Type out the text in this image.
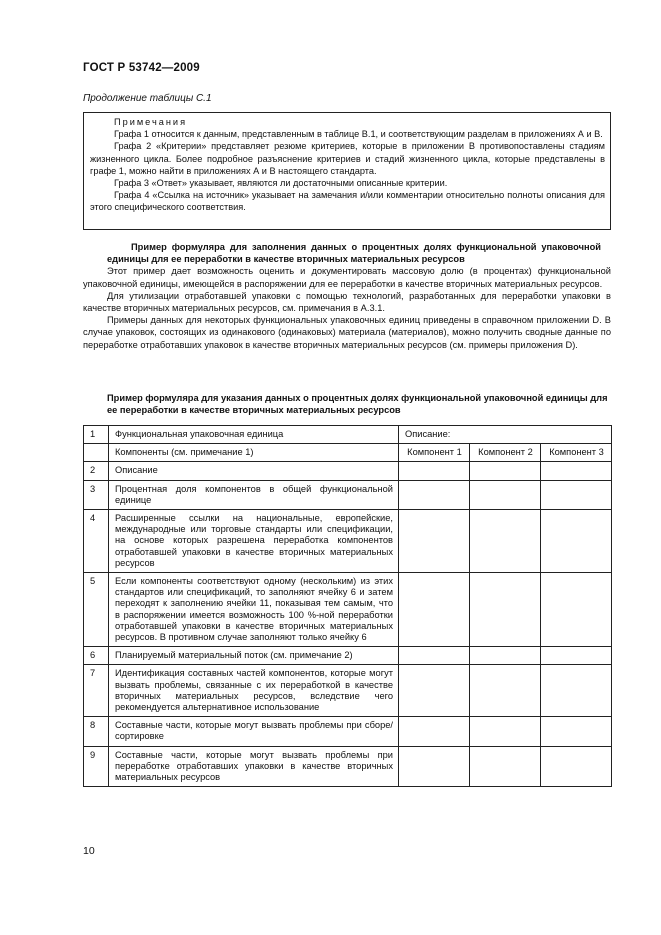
ГОСТ Р 53742—2009
Продолжение таблицы С.1
Примечания

Графа 1 относится к данным, представленным в таблице В.1, и соответствующим разделам в приложениях А и В.

Графа 2 «Критерии» представляет резюме критериев, которые в приложении В противопоставлены стадиям жизненного цикла. Более подробное разъяснение критериев и стадий жизненного цикла, которые представлены в графе 1, можно найти в приложениях А и В настоящего стандарта.

Графа 3 «Ответ» указывает, являются ли достаточными описанные критерии.

Графа 4 «Ссылка на источник» указывает на замечания и/или комментарии относительно полноты описания для этого специфического соответствия.

Пример формуляра для заполнения данных о процентных долях функциональной упаковочной единицы для ее переработки в качестве вторичных материальных ресурсов

Этот пример дает возможность оценить и документировать массовую долю (в процентах) функциональной упаковочной единицы, имеющейся в распоряжении для ее переработки в качестве вторичных материальных ресурсов.

Для утилизации отработавшей упаковки с помощью технологий, разработанных для переработки упаковки в качестве вторичных материальных ресурсов, см. примечания в А.3.1.

Примеры данных для некоторых функциональных упаковочных единиц приведены в справочном приложении D. В случае упаковок, состоящих из одинакового (одинаковых) материала (материалов), можно получить сводные данные по переработке отработавших упаковок в качестве вторичных материальных ресурсов (см. примеры приложения D).

Пример формуляра для указания данных о процентных долях функциональной упаковочной единицы для ее переработки в качестве вторичных материальных ресурсов
1	Функциональная упаковочная единица	Описание:		
	Компоненты (см. примечание 1)	Компонент 1	Компонент 2	Компонент 3
2	Описание			
3	Процентная доля компонентов в общей функциональной единице			
4	Расширенные ссылки на национальные, европейские, международные или торговые стандарты или спецификации, на основе которых разрешена переработка компонентов отработавшей упаковки в качестве вторичных материальных ресурсов			
5	Если компоненты соответствуют одному (нескольким) из этих стандартов или спецификаций, то заполняют ячейку 6 и затем переходят к заполнению ячейки 11, показывая тем самым, что в распоряжении имеется возможность 100 %-ной переработки отработавшей упаковки в качестве вторичных материальных ресурсов. В противном случае заполняют только ячейку 6			
6	Планируемый материальный поток (см. примечание 2)			
7	Идентификация составных частей компонентов, которые могут вызвать проблемы, связанные с их переработкой в качестве вторичных материальных ресурсов, вследствие чего рекомендуется альтернативное использование			
8	Составные части, которые могут вызвать проблемы при сборе/сортировке			
9	Составные части, которые могут вызвать проблемы при переработке отработавших упаковки в качестве вторичных материальных ресурсов			
10
